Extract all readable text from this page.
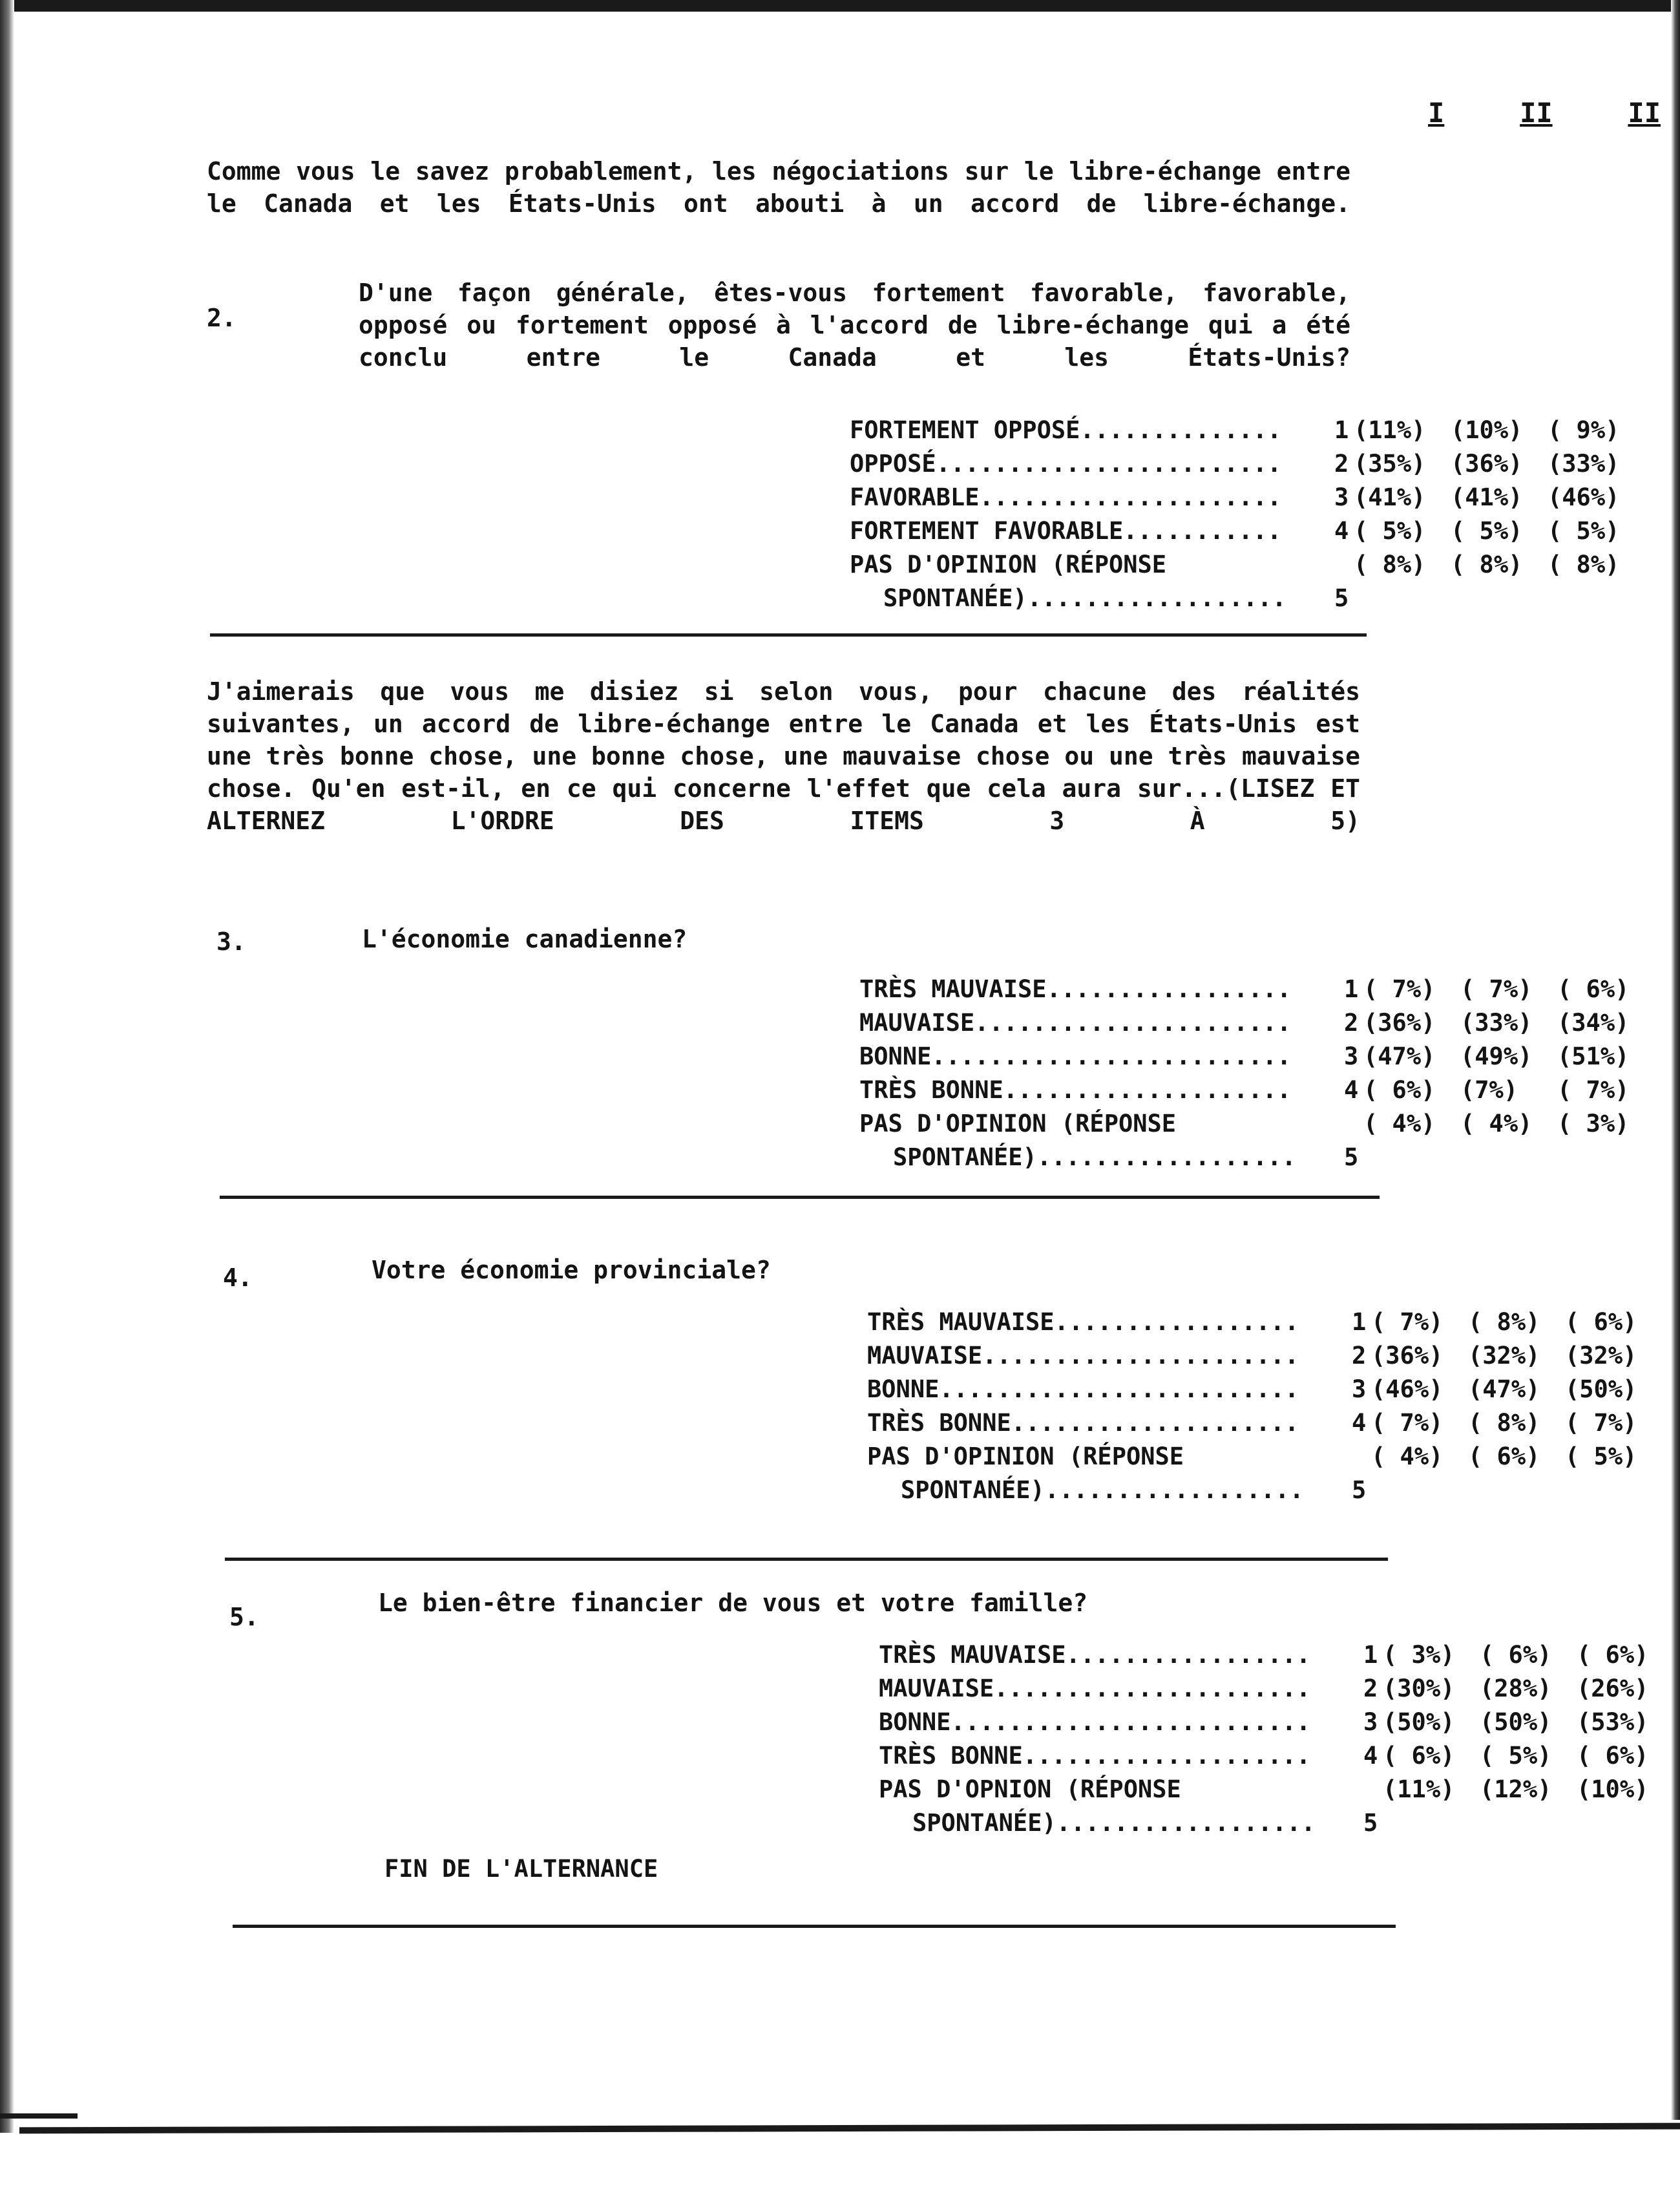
I	II	II
Comme vous le savez probablement, les négociations sur le libre-échange entre le Canada et les États-Unis ont abouti à un accord de libre-échange.
2.
D'une façon générale, êtes-vous fortement favorable, favorable, opposé ou fortement opposé à l'accord de libre-échange qui a été conclu entre le Canada et les États-Unis?
FORTEMENT OPPOSÉ..............	1 (11%)	(10%)	( 9%)
OPPOSÉ........................	2 (35%)	(36%)	(33%)
FAVORABLE.....................	3 (41%)	(41%)	(46%)
FORTEMENT FAVORABLE...........	4 ( 5%)	( 5%)	( 5%)
PAS D'OPINION (RÉPONSE	( 8%)	( 8%)	( 8%)
SPONTANÉE)..................	5
J'aimerais que vous me disiez si selon vous, pour chacune des réalités suivantes, un accord de libre-échange entre le Canada et les États-Unis est une très bonne chose, une bonne chose, une mauvaise chose ou une très mauvaise chose. Qu'en est-il, en ce qui concerne l'effet que cela aura sur...(LISEZ ET ALTERNEZ L'ORDRE DES ITEMS 3 À 5)
3.	L'économie canadienne?
TRÈS MAUVAISE.................	1 ( 7%)	( 7%)	( 6%)
MAUVAISE......................	2 (36%)	(33%)	(34%)
BONNE.........................	3 (47%)	(49%)	(51%)
TRÈS BONNE....................	4 ( 6%)	(7%)	( 7%)
PAS D'OPINION (RÉPONSE	( 4%)	( 4%)	( 3%)
SPONTANÉE)..................	5
4.	Votre économie provinciale?
TRÈS MAUVAISE.................	1 ( 7%)	( 8%)	( 6%)
MAUVAISE......................	2 (36%)	(32%)	(32%)
BONNE.........................	3 (46%)	(47%)	(50%)
TRÈS BONNE....................	4 ( 7%)	( 8%)	( 7%)
PAS D'OPINION (RÉPONSE	( 4%)	( 6%)	( 5%)
SPONTANÉE)..................	5
5.	Le bien-être financier de vous et votre famille?
TRÈS MAUVAISE.................	1 ( 3%)	( 6%)	( 6%)
MAUVAISE......................	2 (30%)	(28%)	(26%)
BONNE.........................	3 (50%)	(50%)	(53%)
TRÈS BONNE....................	4 ( 6%)	( 5%)	( 6%)
PAS D'OPNION (RÉPONSE	(11%)	(12%)	(10%)
SPONTANÉE)..................	5
FIN DE L'ALTERNANCE
